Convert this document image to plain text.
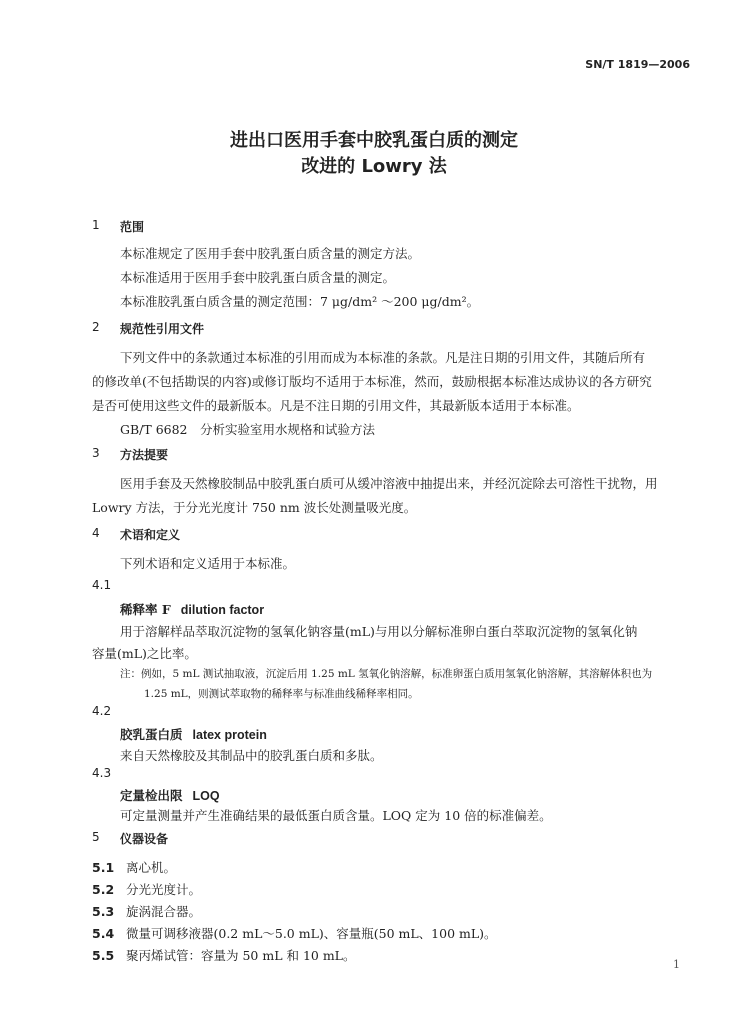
SN/T 1819—2006
进出口医用手套中胶乳蛋白质的测定
改进的 Lowry 法
1 范围
本标准规定了医用手套中胶乳蛋白质含量的测定方法。
本标准适用于医用手套中胶乳蛋白质含量的测定。
本标准胶乳蛋白质含量的测定范围：7 μg/dm² ～200 μg/dm²。
2 规范性引用文件
下列文件中的条款通过本标准的引用而成为本标准的条款。凡是注日期的引用文件，其随后所有
的修改单(不包括勘误的内容)或修订版均不适用于本标准，然而，鼓励根据本标准达成协议的各方研究
是否可使用这些文件的最新版本。凡是不注日期的引用文件，其最新版本适用于本标准。
GB/T 6682　分析实验室用水规格和试验方法
3 方法提要
医用手套及天然橡胶制品中胶乳蛋白质可从缓冲溶液中抽提出来，并经沉淀除去可溶性干扰物，用
Lowry 方法，于分光光度计 750 nm 波长处测量吸光度。
4 术语和定义
下列术语和定义适用于本标准。
4.1
稀释率 F dilution factor
用于溶解样品萃取沉淀物的氢氧化钠容量(mL)与用以分解标准卵白蛋白萃取沉淀物的氢氧化钠
容量(mL)之比率。
注：例如，5 mL 测试抽取液，沉淀后用 1.25 mL 氢氧化钠溶解，标准卵蛋白质用氢氧化钠溶解，其溶解体积也为
1.25 mL，则测试萃取物的稀释率与标准曲线稀释率相同。
4.2
胶乳蛋白质 latex protein
来自天然橡胶及其制品中的胶乳蛋白质和多肽。
4.3
定量检出限 LOQ
可定量测量并产生准确结果的最低蛋白质含量。LOQ 定为 10 倍的标准偏差。
5 仪器设备
5.1 离心机。
5.2 分光光度计。
5.3 旋涡混合器。
5.4 微量可调移液器(0.2 mL～5.0 mL)、容量瓶(50 mL、100 mL)。
5.5 聚丙烯试管：容量为 50 mL 和 10 mL。
1
